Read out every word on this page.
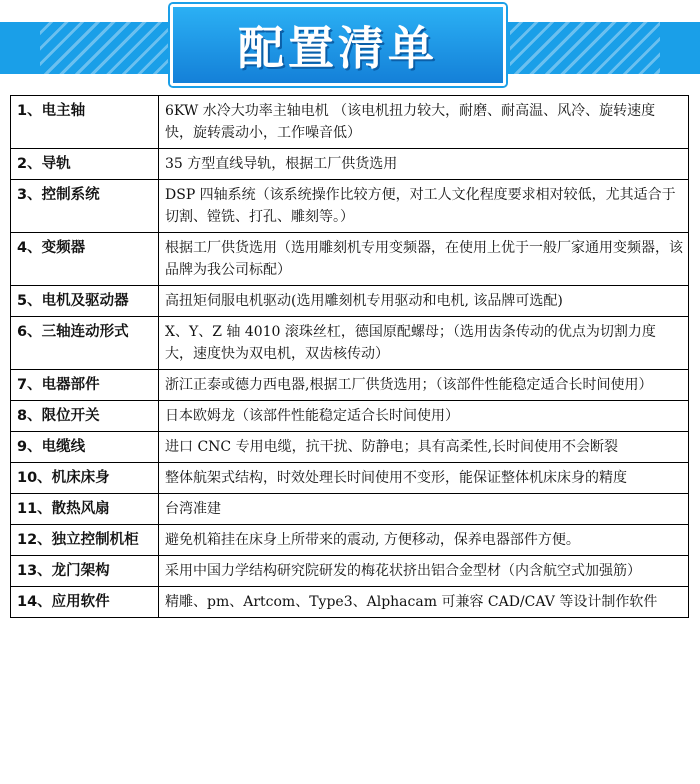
配置清单
1、电主轴	6KW 水冷大功率主轴电机 （该电机扭力较大，耐磨、耐高温、风冷、旋转速度快，旋转震动小，工作噪音低）
2、导轨	35 方型直线导轨，根据工厂供货选用
3、控制系统	DSP 四轴系统（该系统操作比较方便，对工人文化程度要求相对较低，尤其适合于切割、镗铣、打孔、雕刻等。）
4、变频器	根据工厂供货选用（选用雕刻机专用变频器，在使用上优于一般厂家通用变频器，该品牌为我公司标配）
5、电机及驱动器	高扭矩伺服电机驱动(选用雕刻机专用驱动和电机, 该品牌可选配)
6、三轴连动形式	X、Y、Z 轴 4010 滚珠丝杠，德国原配螺母；（选用齿条传动的优点为切割力度大，速度快为双电机，双齿核传动）
7、电器部件	浙江正泰或德力西电器,根据工厂供货选用；（该部件性能稳定适合长时间使用）
8、限位开关	日本欧姆龙（该部件性能稳定适合长时间使用）
9、电缆线	进口 CNC 专用电缆，抗干扰、防静电；具有高柔性,长时间使用不会断裂
10、机床床身	整体航架式结构，时效处理长时间使用不变形，能保证整体机床床身的精度
11、散热风扇	台湾准建
12、独立控制机柜	避免机箱挂在床身上所带来的震动, 方便移动，保养电器部件方便。
13、龙门架构	采用中国力学结构研究院研发的梅花状挤出铝合金型材（内含航空式加强筋）
14、应用软件	精雕、pm、Artcom、Type3、Alphacam 可兼容 CAD/CAV 等设计制作软件
